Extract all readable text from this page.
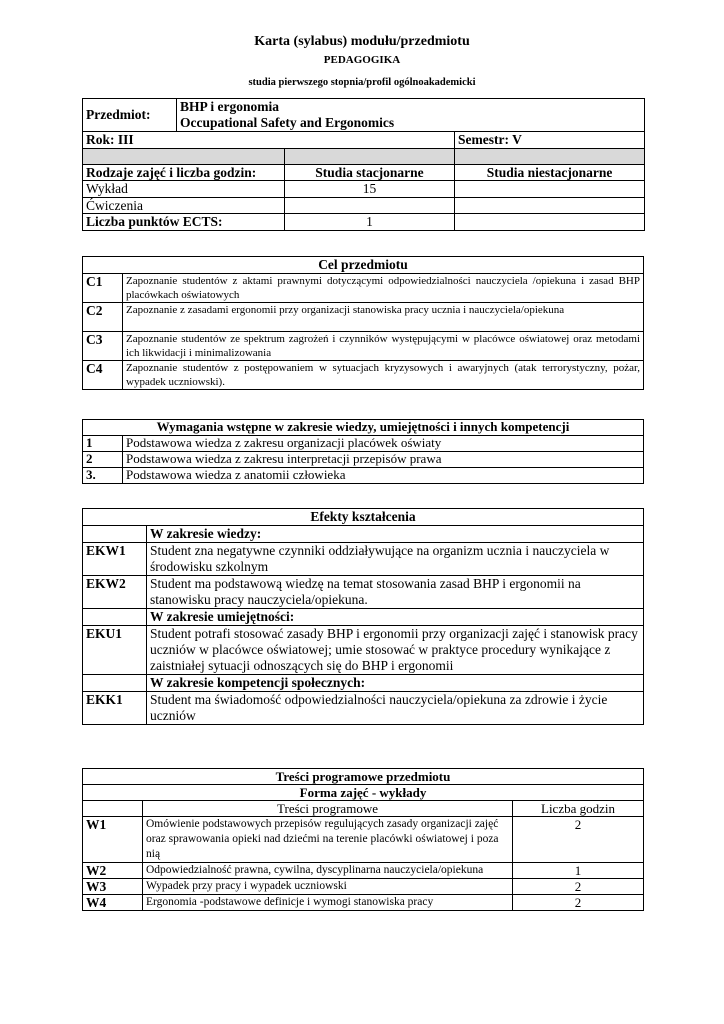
Karta (sylabus) modułu/przedmiotu
PEDAGOGIKA
studia pierwszego stopnia/profil ogólnoakademicki
Przedmiot:	BHP i ergonomia
Occupational Safety and Ergonomics		

Rok: III			Semestr: V

Rodzaje zajęć i liczba godzin:		Studia stacjonarne	Studia niestacjonarne
Wykład		15	
Ćwiczenia			
Liczba punktów ECTS:		1	
Cel przedmiotu	
C1	Zapoznanie studentów z aktami prawnymi dotyczącymi odpowiedzialności nauczyciela /opiekuna i zasad BHP placówkach oświatowych
C2	Zapoznanie z zasadami ergonomii przy organizacji stanowiska pracy ucznia i nauczyciela/opiekuna
C3	Zapoznanie studentów ze spektrum zagrożeń i czynników występującymi w placówce oświatowej oraz metodami ich likwidacji i minimalizowania
C4	Zapoznanie studentów z postępowaniem w sytuacjach kryzysowych i awaryjnych (atak terrorystyczny, pożar, wypadek uczniowski).
Wymagania wstępne w zakresie wiedzy, umiejętności i innych kompetencji	
1	Podstawowa wiedza z zakresu organizacji placówek oświaty
2	Podstawowa wiedza z zakresu interpretacji przepisów prawa
3.	Podstawowa wiedza z anatomii człowieka
Efekty kształcenia	
	W zakresie wiedzy:
EKW1	Student zna negatywne czynniki oddziaływujące na organizm ucznia i nauczyciela w środowisku szkolnym
EKW2	Student ma podstawową wiedzę na temat stosowania zasad BHP i ergonomii na stanowisku pracy nauczyciela/opiekuna.
	W zakresie umiejętności:
EKU1	Student potrafi stosować zasady BHP i ergonomii przy organizacji zajęć i stanowisk pracy uczniów w placówce oświatowej; umie stosować w praktyce procedury wynikające z zaistniałej sytuacji odnoszących się do BHP i ergonomii
	W zakresie kompetencji społecznych:
EKK1	Student ma świadomość odpowiedzialności nauczyciela/opiekuna za zdrowie i życie uczniów
Treści programowe przedmiotu		
Forma zajęć - wykłady		
	Treści programowe	Liczba godzin
W1	Omówienie podstawowych przepisów regulujących zasady organizacji zajęć oraz sprawowania opieki nad dziećmi na terenie placówki oświatowej i poza nią	2
W2	Odpowiedzialność prawna, cywilna, dyscyplinarna nauczyciela/opiekuna	1
W3	Wypadek przy pracy i wypadek uczniowski	2
W4	Ergonomia -podstawowe definicje i wymogi stanowiska pracy	2
